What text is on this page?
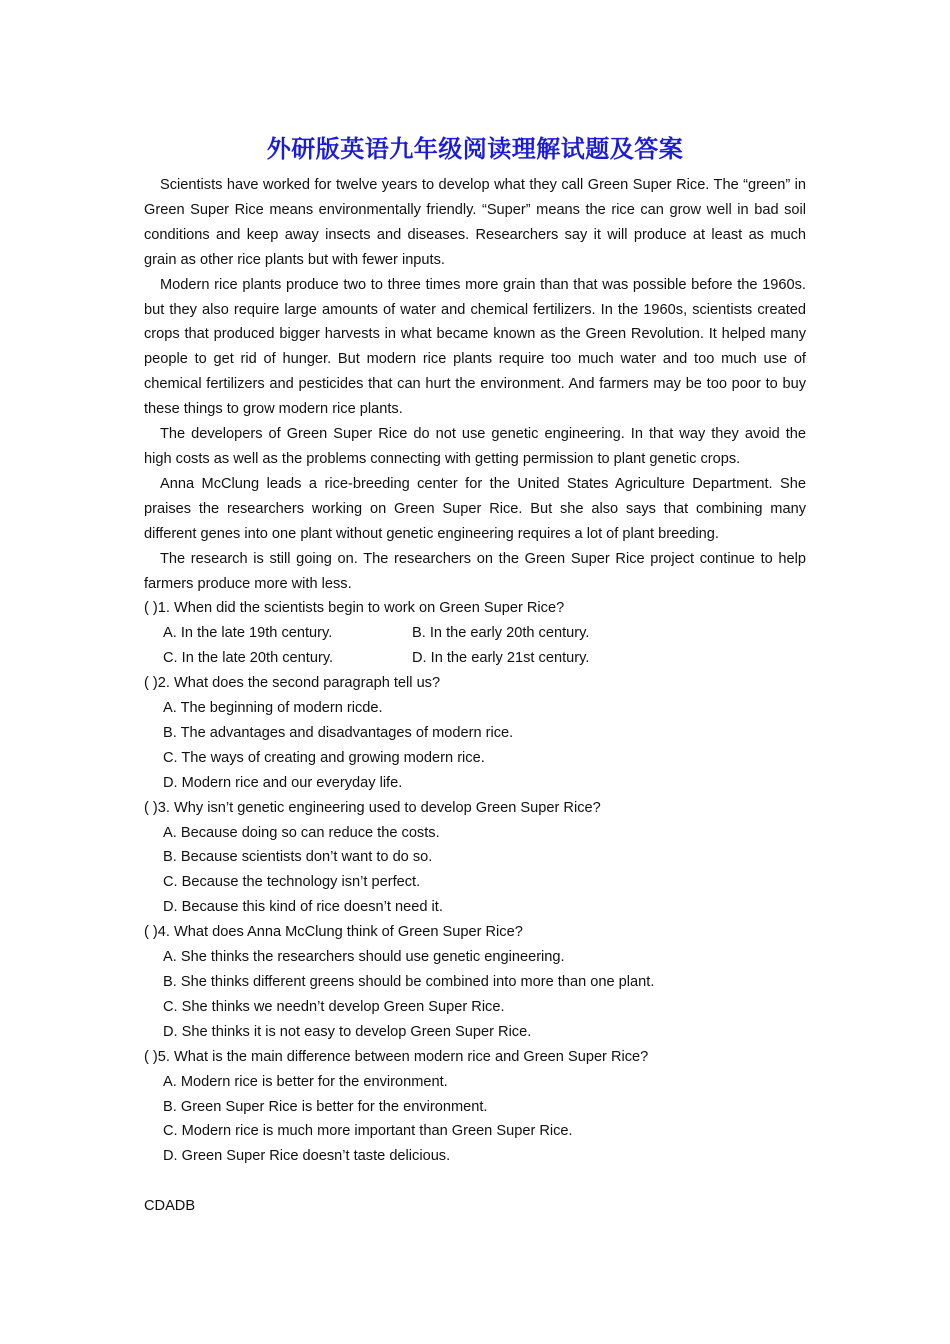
外研版英语九年级阅读理解试题及答案

Scientists have worked for twelve years to develop what they call Green Super Rice. The “green” in Green Super Rice means environmentally friendly. “Super” means the rice can grow well in bad soil conditions and keep away insects and diseases. Researchers say it will produce at least as much grain as other rice plants but with fewer inputs.

Modern rice plants produce two to three times more grain than that was possible before the 1960s. but they also require large amounts of water and chemical fertilizers. In the 1960s, scientists created crops that produced bigger harvests in what became known as the Green Revolution. It helped many people to get rid of hunger. But modern rice plants require too much water and too much use of chemical fertilizers and pesticides that can hurt the environment. And farmers may be too poor to buy these things to grow modern rice plants.

The developers of Green Super Rice do not use genetic engineering. In that way they avoid the high costs as well as the problems connecting with getting permission to plant genetic crops.

Anna McClung leads a rice-breeding center for the United States Agriculture Department. She praises the researchers working on Green Super Rice. But she also says that combining many different genes into one plant without genetic engineering requires a lot of plant breeding.

The research is still going on. The researchers on the Green Super Rice project continue to help farmers produce more with less.

( )1. When did the scientists begin to work on Green Super Rice?

A. In the late 19th century.	B. In the early 20th century.
C. In the late 20th century.	D. In the early 21st century.

( )2. What does the second paragraph tell us?

A. The beginning of modern ricde.

B. The advantages and disadvantages of modern rice.

C. The ways of creating and growing modern rice.

D. Modern rice and our everyday life.

( )3. Why isn’t genetic engineering used to develop Green Super Rice?

A. Because doing so can reduce the costs.

B. Because scientists don’t want to do so.

C. Because the technology isn’t perfect.

D. Because this kind of rice doesn’t need it.

( )4. What does Anna McClung think of Green Super Rice?

A. She thinks the researchers should use genetic engineering.

B. She thinks different greens should be combined into more than one plant.

C. She thinks we needn’t develop Green Super Rice.

D. She thinks it is not easy to develop Green Super Rice.

( )5. What is the main difference between modern rice and Green Super Rice?

A. Modern rice is better for the environment.

B. Green Super Rice is better for the environment.

C. Modern rice is much more important than Green Super Rice.

D. Green Super Rice doesn’t taste delicious.

CDADB
